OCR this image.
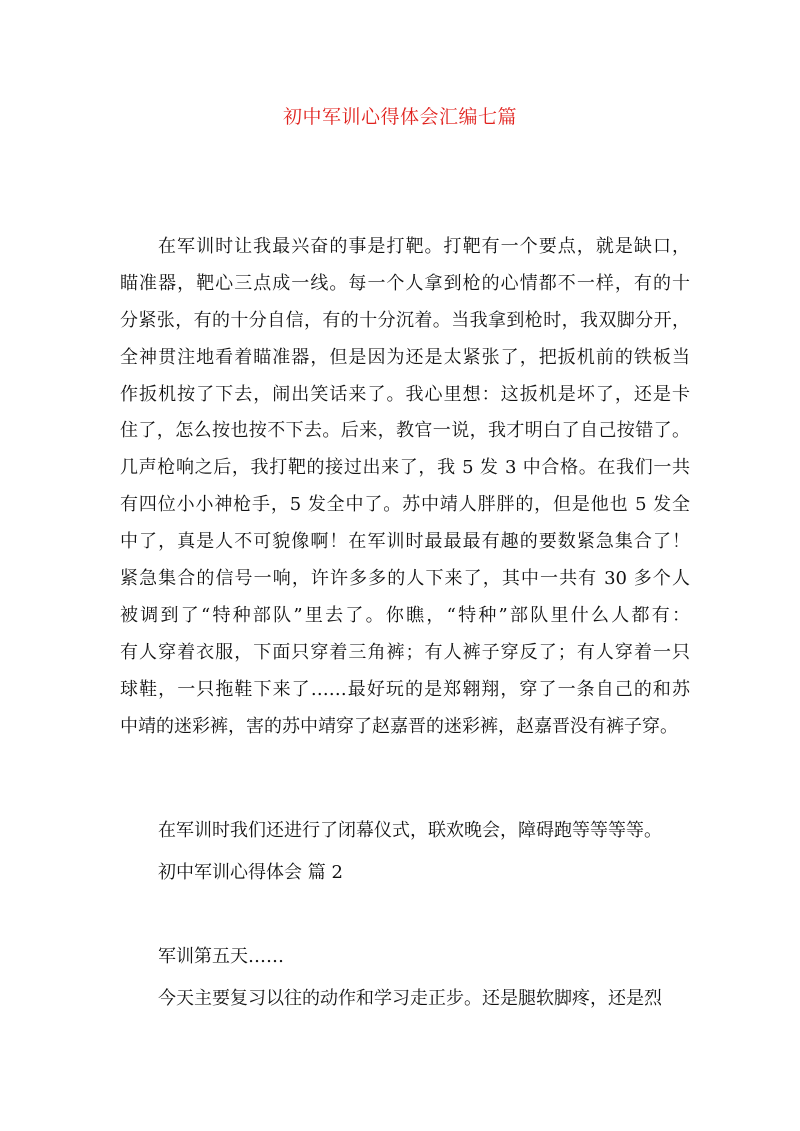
初中军训心得体会汇编七篇
在军训时让我最兴奋的事是打靶。打靶有一个要点，就是缺口，
瞄准器，靶心三点成一线。每一个人拿到枪的心情都不一样，有的十
分紧张，有的十分自信，有的十分沉着。当我拿到枪时，我双脚分开，
全神贯注地看着瞄准器，但是因为还是太紧张了，把扳机前的铁板当
作扳机按了下去，闹出笑话来了。我心里想：这扳机是坏了，还是卡
住了，怎么按也按不下去。后来，教官一说，我才明白了自己按错了。
几声枪响之后，我打靶的接过出来了，我 5 发 3 中合格。在我们一共
有四位小小神枪手，5 发全中了。苏中靖人胖胖的，但是他也 5 发全
中了，真是人不可貌像啊！在军训时最最最有趣的要数紧急集合了！
紧急集合的信号一响，许许多多的人下来了，其中一共有 30 多个人
被调到了“特种部队”里去了。你瞧，“特种”部队里什么人都有：
有人穿着衣服，下面只穿着三角裤；有人裤子穿反了；有人穿着一只
球鞋，一只拖鞋下来了……最好玩的是郑翱翔，穿了一条自己的和苏
中靖的迷彩裤，害的苏中靖穿了赵嘉晋的迷彩裤，赵嘉晋没有裤子穿。
在军训时我们还进行了闭幕仪式，联欢晚会，障碍跑等等等等。
初中军训心得体会 篇 2
军训第五天……
今天主要复习以往的动作和学习走正步。还是腿软脚疼，还是烈
